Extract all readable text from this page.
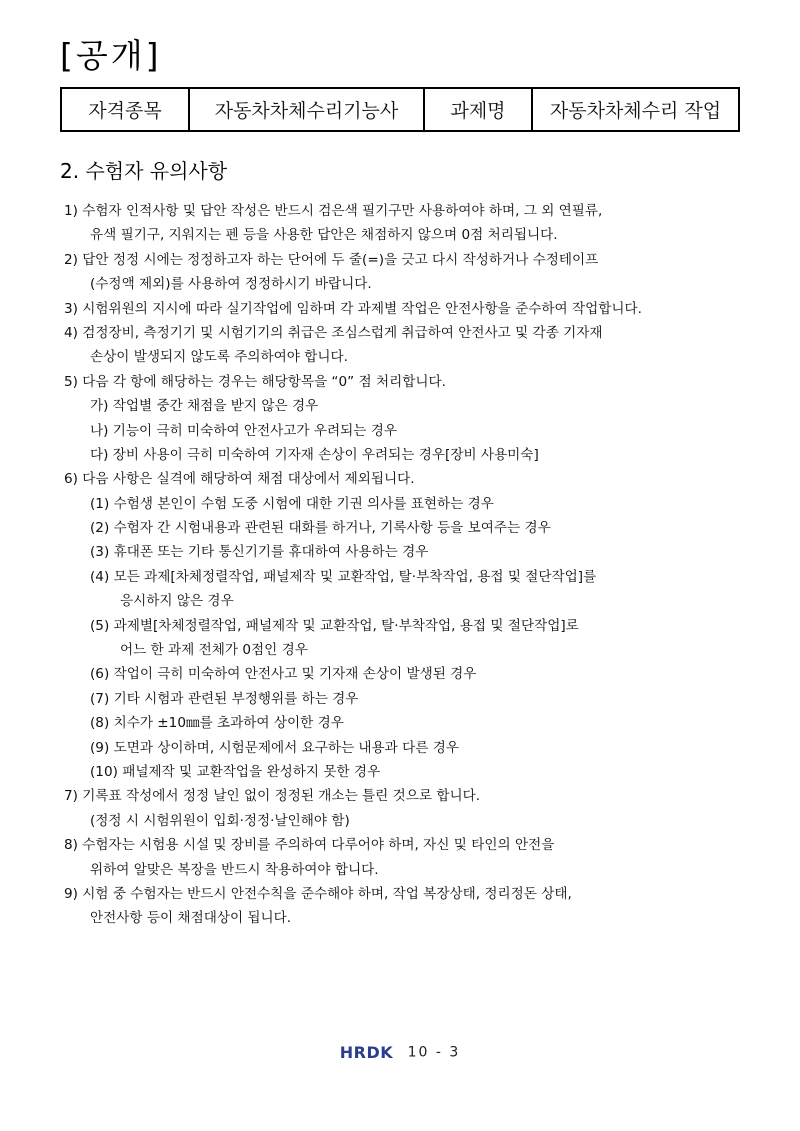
[공개]
자격종목	자동차차체수리기능사	과제명	자동차차체수리 작업
2. 수험자 유의사항
1) 수험자 인적사항 및 답안 작성은 반드시 검은색 필기구만 사용하여야 하며, 그 외 연필류,
유색 필기구, 지워지는 펜 등을 사용한 답안은 채점하지 않으며 0점 처리됩니다.
2) 답안 정정 시에는 정정하고자 하는 단어에 두 줄(=)을 긋고 다시 작성하거나 수정테이프
(수정액 제외)를 사용하여 정정하시기 바랍니다.
3) 시험위원의 지시에 따라 실기작업에 임하며 각 과제별 작업은 안전사항을 준수하여 작업합니다.
4) 검정장비, 측정기기 및 시험기기의 취급은 조심스럽게 취급하여 안전사고 및 각종 기자재
손상이 발생되지 않도록 주의하여야 합니다.
5) 다음 각 항에 해당하는 경우는 해당항목을 “0” 점 처리합니다.
가) 작업별 중간 채점을 받지 않은 경우
나) 기능이 극히 미숙하여 안전사고가 우려되는 경우
다) 장비 사용이 극히 미숙하여 기자재 손상이 우려되는 경우[장비 사용미숙]
6) 다음 사항은 실격에 해당하여 채점 대상에서 제외됩니다.
(1) 수험생 본인이 수험 도중 시험에 대한 기권 의사를 표현하는 경우
(2) 수험자 간 시험내용과 관련된 대화를 하거나, 기록사항 등을 보여주는 경우
(3) 휴대폰 또는 기타 통신기기를 휴대하여 사용하는 경우
(4) 모든 과제[차체정렬작업, 패널제작 및 교환작업, 탈·부착작업, 용접 및 절단작업]를
응시하지 않은 경우
(5) 과제별[차체정렬작업, 패널제작 및 교환작업, 탈·부착작업, 용접 및 절단작업]로
어느 한 과제 전체가 0점인 경우
(6) 작업이 극히 미숙하여 안전사고 및 기자재 손상이 발생된 경우
(7) 기타 시험과 관련된 부정행위를 하는 경우
(8) 치수가 ±10㎜를 초과하여 상이한 경우
(9) 도면과 상이하며, 시험문제에서 요구하는 내용과 다른 경우
(10) 패널제작 및 교환작업을 완성하지 못한 경우
7) 기록표 작성에서 정정 날인 없이 정정된 개소는 틀린 것으로 합니다.
(정정 시 시험위원이 입회·정정·날인해야 함)
8) 수험자는 시험용 시설 및 장비를 주의하여 다루어야 하며, 자신 및 타인의 안전을
위하여 알맞은 복장을 반드시 착용하여야 합니다.
9) 시험 중 수험자는 반드시 안전수칙을 준수해야 하며, 작업 복장상태, 정리정돈 상태,
안전사항 등이 채점대상이 됩니다.
HRDK 10 - 3
